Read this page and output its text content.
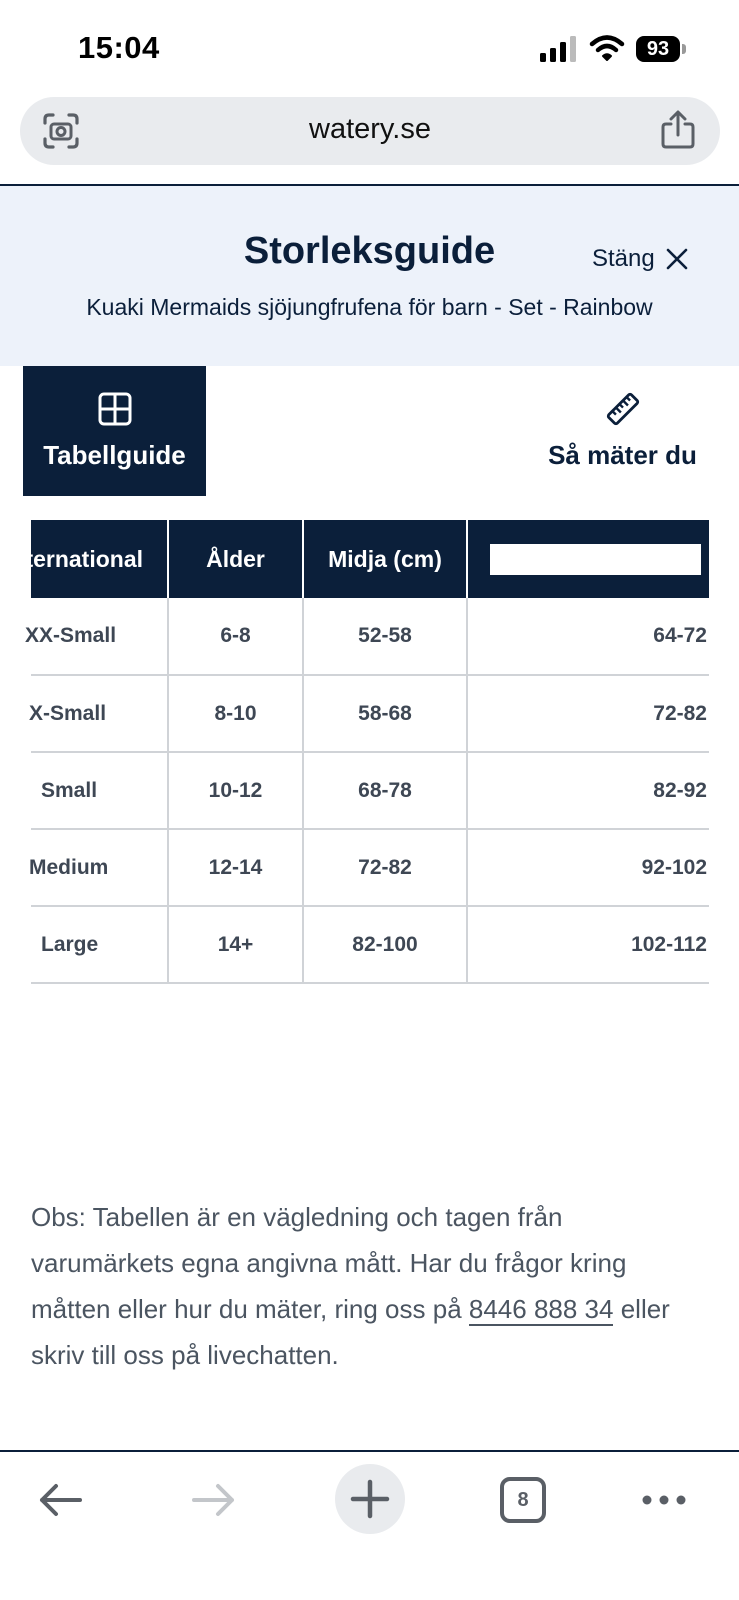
15:04	93
watery.se
Storleksguide	Stäng
Kuaki Mermaids sjöjungfrufena för barn - Set - Rainbow
Tabellguide	Så mäter du
International	Ålder	Midja (cm)	Böjd från navel till
XX-Small	6-8	52-58	64-72
X-Small	8-10	58-68	72-82
Small	10-12	68-78	82-92
Medium	12-14	72-82	92-102
Large	14+	82-100	102-112
Obs: Tabellen är en vägledning och tagen från varumärkets egna angivna mått. Har du frågor kring måtten eller hur du mäter, ring oss på 8446 888 34 eller skriv till oss på livechatten.
8
